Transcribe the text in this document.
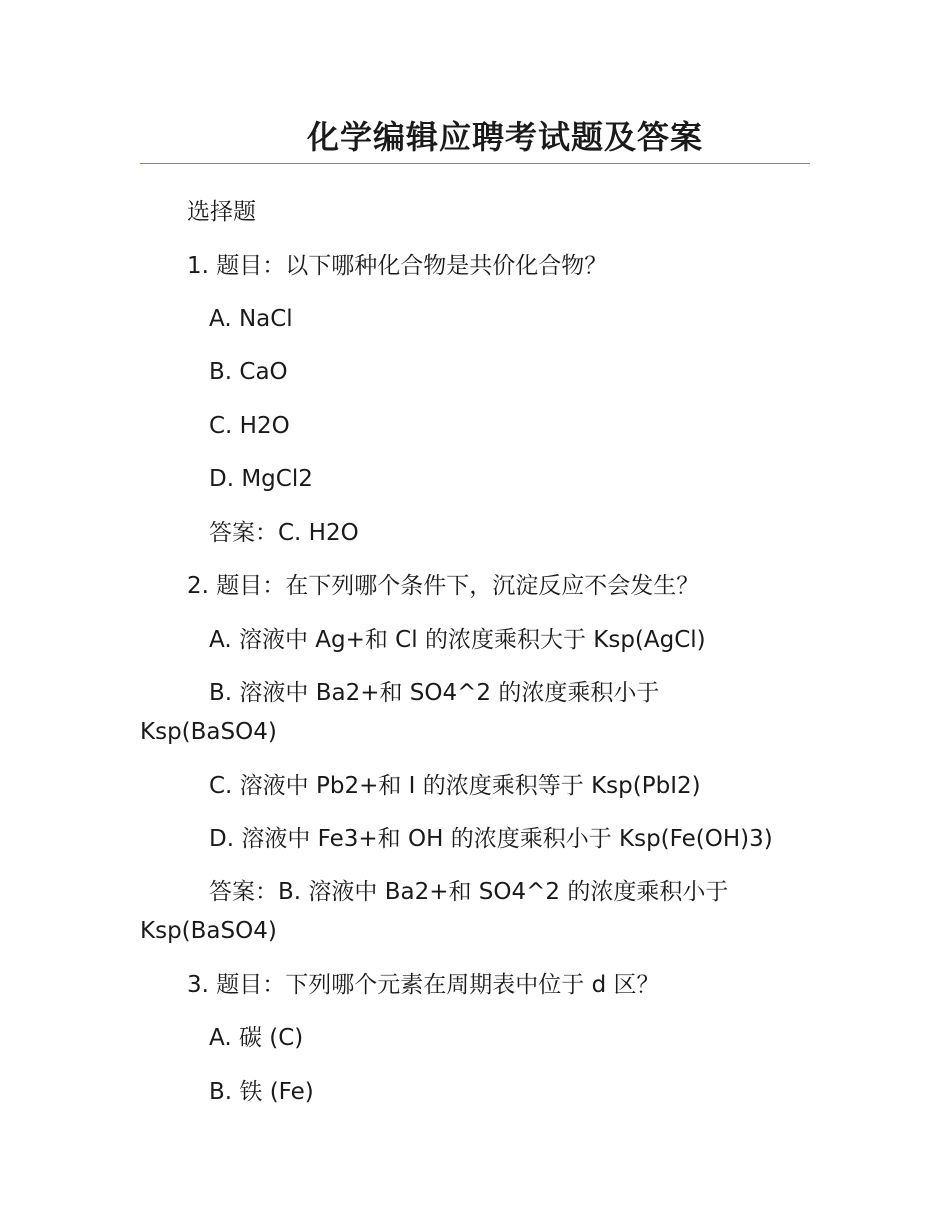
化学编辑应聘考试题及答案
选择题
1. 题目：以下哪种化合物是共价化合物？
A. NaCl
B. CaO
C. H2O
D. MgCl2
答案：C. H2O
2. 题目：在下列哪个条件下，沉淀反应不会发生？
A. 溶液中 Ag+和 Cl 的浓度乘积大于 Ksp(AgCl)
B. 溶液中 Ba2+和 SO4^2 的浓度乘积小于
Ksp(BaSO4)
C. 溶液中 Pb2+和 I 的浓度乘积等于 Ksp(PbI2)
D. 溶液中 Fe3+和 OH 的浓度乘积小于 Ksp(Fe(OH)3)
答案：B. 溶液中 Ba2+和 SO4^2 的浓度乘积小于
Ksp(BaSO4)
3. 题目：下列哪个元素在周期表中位于 d 区？
A. 碳 (C)
B. 铁 (Fe)
